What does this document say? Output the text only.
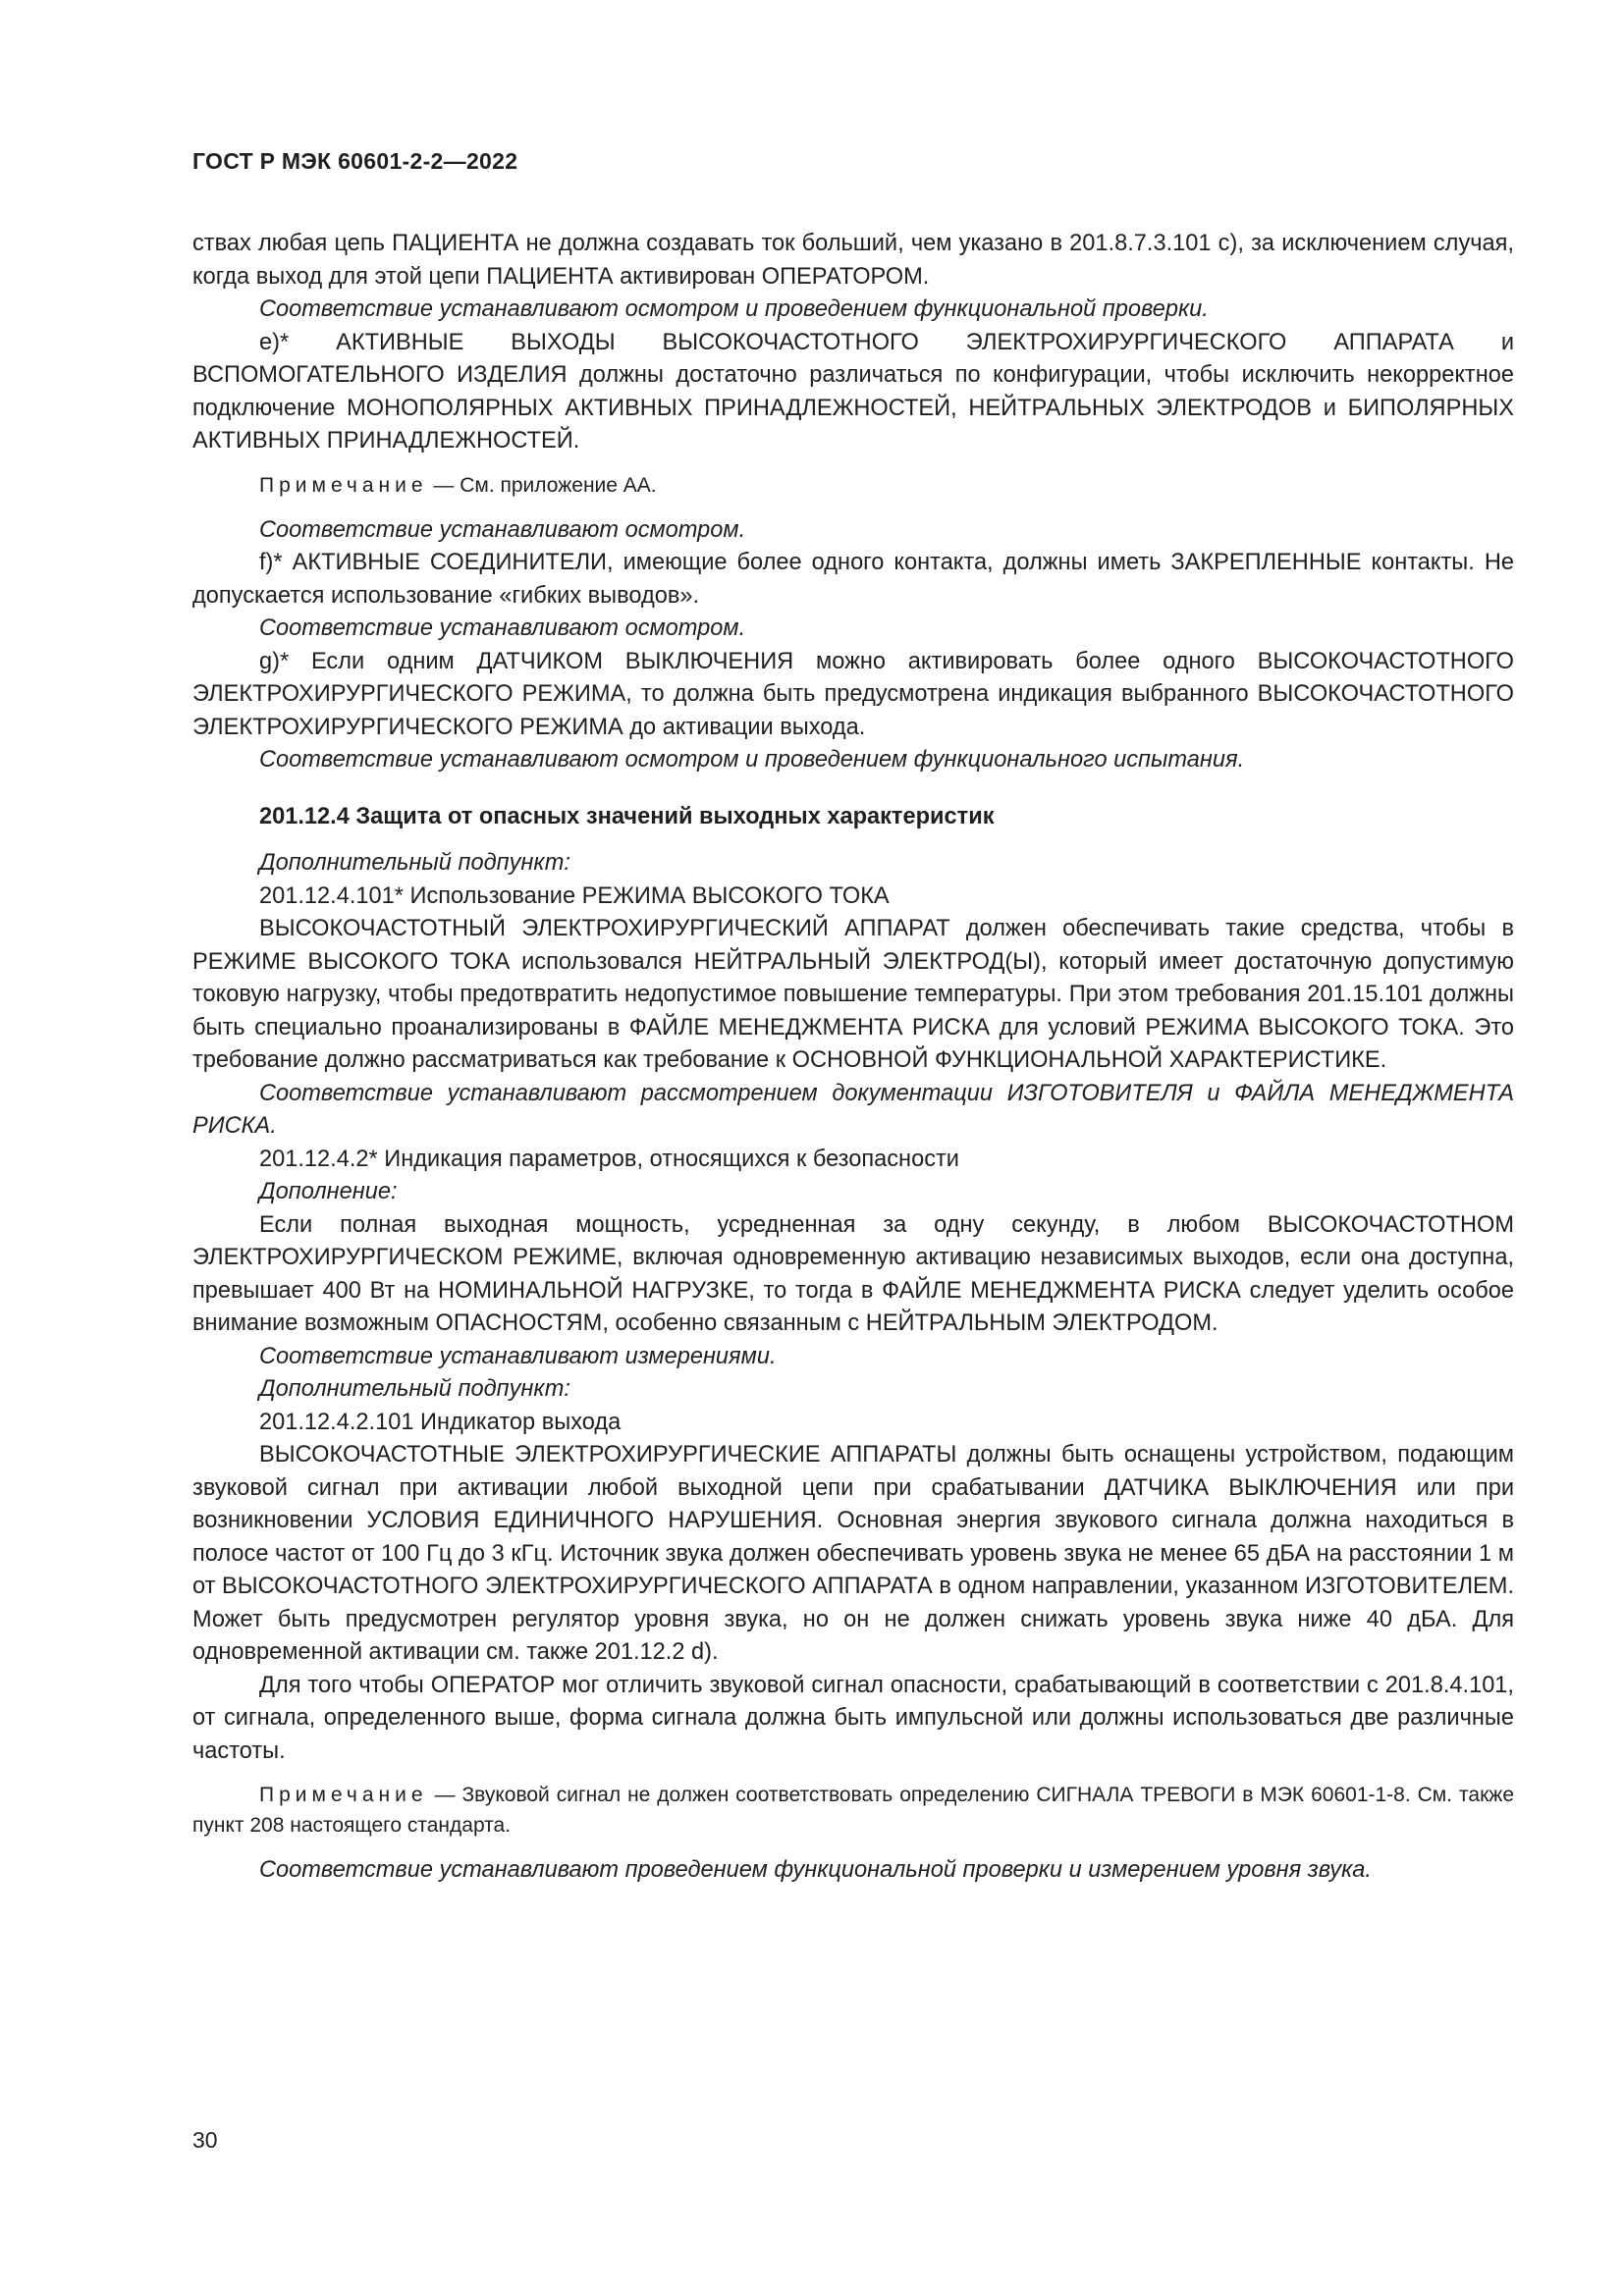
ГОСТ Р МЭК 60601-2-2—2022

ствах любая цепь ПАЦИЕНТА не должна создавать ток больший, чем указано в 201.8.7.3.101 с), за исключением случая, когда выход для этой цепи ПАЦИЕНТА активирован ОПЕРАТОРОМ.

Соответствие устанавливают осмотром и проведением функциональной проверки.

е)* АКТИВНЫЕ ВЫХОДЫ ВЫСОКОЧАСТОТНОГО ЭЛЕКТРОХИРУРГИЧЕСКОГО АППАРАТА и ВСПОМОГАТЕЛЬНОГО ИЗДЕЛИЯ должны достаточно различаться по конфигурации, чтобы исключить некорректное подключение МОНОПОЛЯРНЫХ АКТИВНЫХ ПРИНАДЛЕЖНОСТЕЙ, НЕЙТРАЛЬНЫХ ЭЛЕКТРОДОВ и БИПОЛЯРНЫХ АКТИВНЫХ ПРИНАДЛЕЖНОСТЕЙ.

Примечание — См. приложение АА.

Соответствие устанавливают осмотром.

f)* АКТИВНЫЕ СОЕДИНИТЕЛИ, имеющие более одного контакта, должны иметь ЗАКРЕПЛЕННЫЕ контакты. Не допускается использование «гибких выводов».

Соответствие устанавливают осмотром.

g)* Если одним ДАТЧИКОМ ВЫКЛЮЧЕНИЯ можно активировать более одного ВЫСОКОЧАСТОТНОГО ЭЛЕКТРОХИРУРГИЧЕСКОГО РЕЖИМА, то должна быть предусмотрена индикация выбранного ВЫСОКОЧАСТОТНОГО ЭЛЕКТРОХИРУРГИЧЕСКОГО РЕЖИМА до активации выхода.

Соответствие устанавливают осмотром и проведением функционального испытания.

201.12.4 Защита от опасных значений выходных характеристик

Дополнительный подпункт:

201.12.4.101* Использование РЕЖИМА ВЫСОКОГО ТОКА

ВЫСОКОЧАСТОТНЫЙ ЭЛЕКТРОХИРУРГИЧЕСКИЙ АППАРАТ должен обеспечивать такие средства, чтобы в РЕЖИМЕ ВЫСОКОГО ТОКА использовался НЕЙТРАЛЬНЫЙ ЭЛЕКТРОД(Ы), который имеет достаточную допустимую токовую нагрузку, чтобы предотвратить недопустимое повышение температуры. При этом требования 201.15.101 должны быть специально проанализированы в ФАЙЛЕ МЕНЕДЖМЕНТА РИСКА для условий РЕЖИМА ВЫСОКОГО ТОКА. Это требование должно рассматриваться как требование к ОСНОВНОЙ ФУНКЦИОНАЛЬНОЙ ХАРАКТЕРИСТИКЕ.

Соответствие устанавливают рассмотрением документации ИЗГОТОВИТЕЛЯ и ФАЙЛА МЕНЕДЖМЕНТА РИСКА.

201.12.4.2* Индикация параметров, относящихся к безопасности

Дополнение:

Если полная выходная мощность, усредненная за одну секунду, в любом ВЫСОКОЧАСТОТНОМ ЭЛЕКТРОХИРУРГИЧЕСКОМ РЕЖИМЕ, включая одновременную активацию независимых выходов, если она доступна, превышает 400 Вт на НОМИНАЛЬНОЙ НАГРУЗКЕ, то тогда в ФАЙЛЕ МЕНЕДЖМЕНТА РИСКА следует уделить особое внимание возможным ОПАСНОСТЯМ, особенно связанным с НЕЙТРАЛЬНЫМ ЭЛЕКТРОДОМ.

Соответствие устанавливают измерениями.

Дополнительный подпункт:

201.12.4.2.101 Индикатор выхода

ВЫСОКОЧАСТОТНЫЕ ЭЛЕКТРОХИРУРГИЧЕСКИЕ АППАРАТЫ должны быть оснащены устройством, подающим звуковой сигнал при активации любой выходной цепи при срабатывании ДАТЧИКА ВЫКЛЮЧЕНИЯ или при возникновении УСЛОВИЯ ЕДИНИЧНОГО НАРУШЕНИЯ. Основная энергия звукового сигнала должна находиться в полосе частот от 100 Гц до 3 кГц. Источник звука должен обеспечивать уровень звука не менее 65 дБА на расстоянии 1 м от ВЫСОКОЧАСТОТНОГО ЭЛЕКТРОХИРУРГИЧЕСКОГО АППАРАТА в одном направлении, указанном ИЗГОТОВИТЕЛЕМ. Может быть предусмотрен регулятор уровня звука, но он не должен снижать уровень звука ниже 40 дБА. Для одновременной активации см. также 201.12.2 d).

Для того чтобы ОПЕРАТОР мог отличить звуковой сигнал опасности, срабатывающий в соответствии с 201.8.4.101, от сигнала, определенного выше, форма сигнала должна быть импульсной или должны использоваться две различные частоты.

Примечание — Звуковой сигнал не должен соответствовать определению СИГНАЛА ТРЕВОГИ в МЭК 60601-1-8. См. также пункт 208 настоящего стандарта.

Соответствие устанавливают проведением функциональной проверки и измерением уровня звука.

30
